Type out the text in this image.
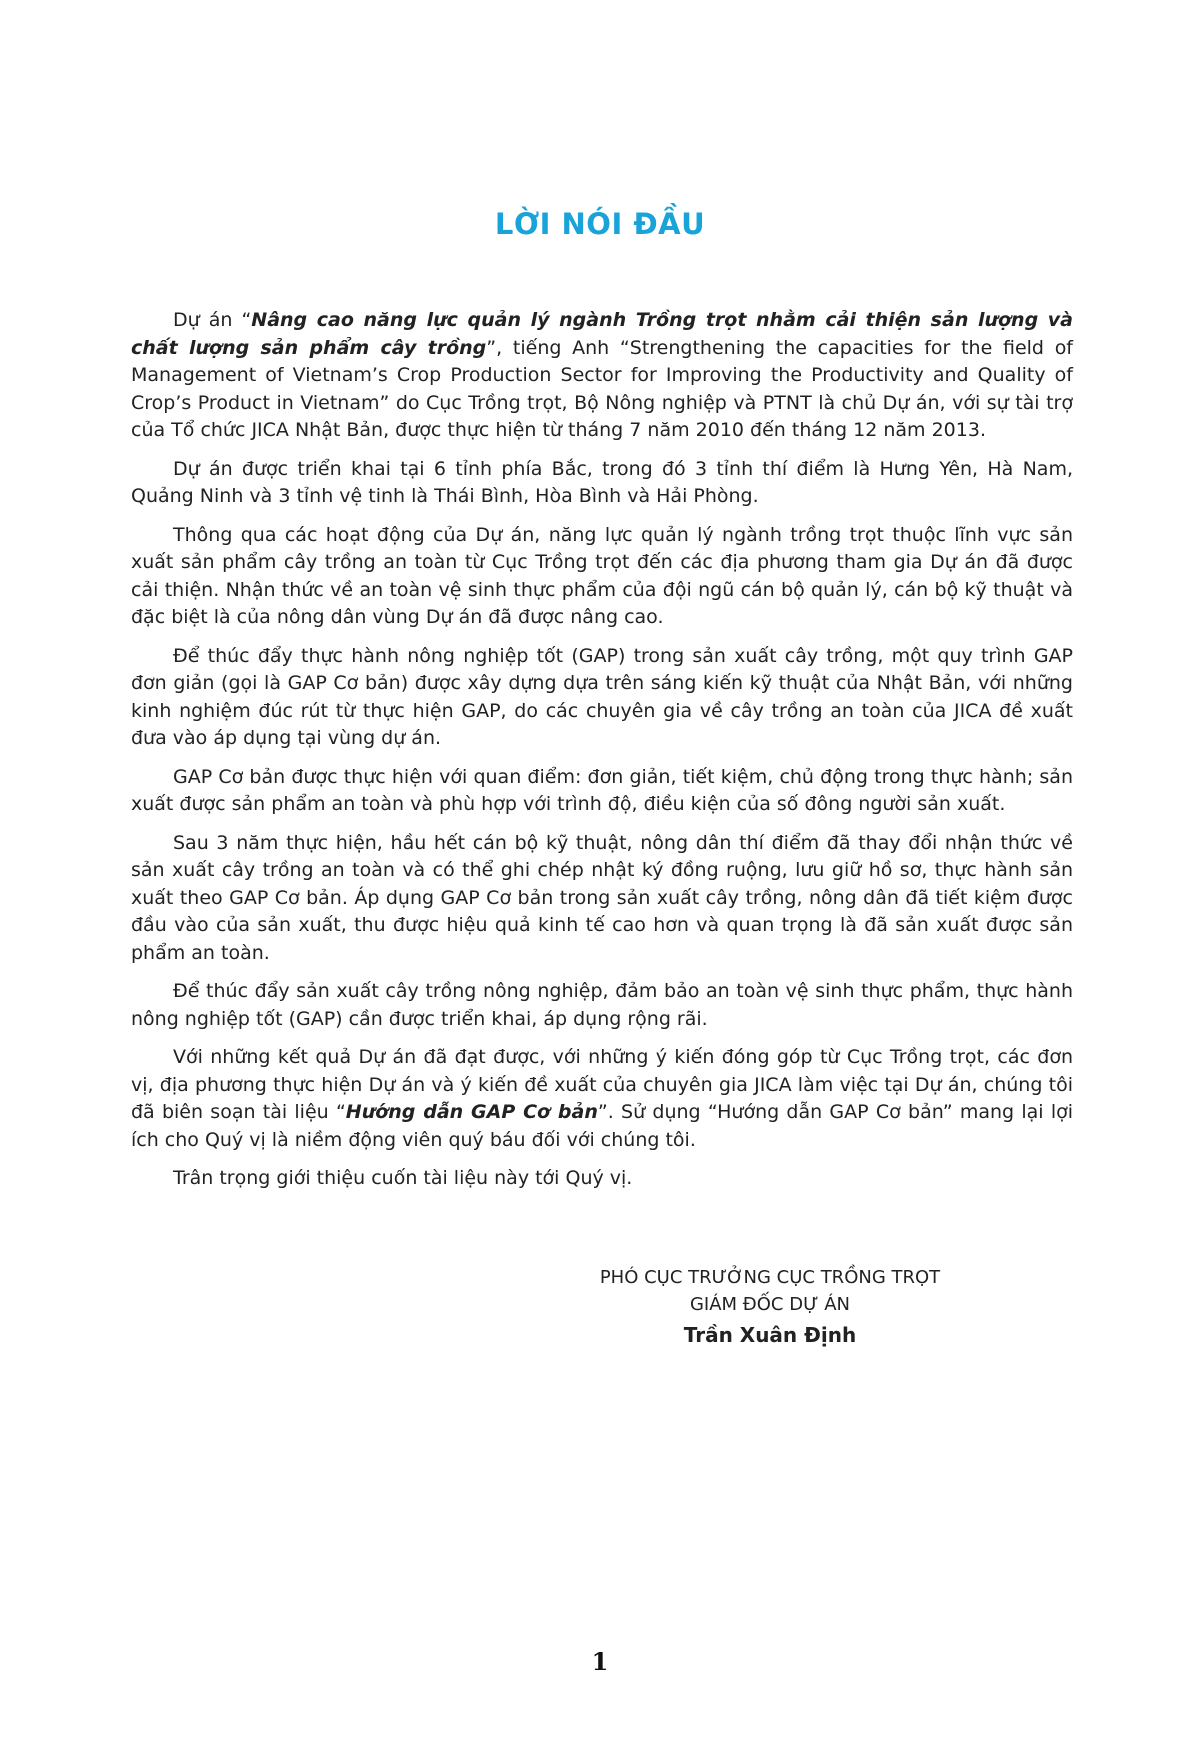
LỜI NÓI ĐẦU

Dự án “Nâng cao năng lực quản lý ngành Trồng trọt nhằm cải thiện sản lượng và chất lượng sản phẩm cây trồng”, tiếng Anh “Strengthening the capacities for the field of Management of Vietnam’s Crop Production Sector for Improving the Productivity and Quality of Crop’s Product in Vietnam” do Cục Trồng trọt, Bộ Nông nghiệp và PTNT là chủ Dự án, với sự tài trợ của Tổ chức JICA Nhật Bản, được thực hiện từ tháng 7 năm 2010 đến tháng 12 năm 2013.

Dự án được triển khai tại 6 tỉnh phía Bắc, trong đó 3 tỉnh thí điểm là Hưng Yên, Hà Nam, Quảng Ninh và 3 tỉnh vệ tinh là Thái Bình, Hòa Bình và Hải Phòng.

Thông qua các hoạt động của Dự án, năng lực quản lý ngành trồng trọt thuộc lĩnh vực sản xuất sản phẩm cây trồng an toàn từ Cục Trồng trọt đến các địa phương tham gia Dự án đã được cải thiện. Nhận thức về an toàn vệ sinh thực phẩm của đội ngũ cán bộ quản lý, cán bộ kỹ thuật và đặc biệt là của nông dân vùng Dự án đã được nâng cao.

Để thúc đẩy thực hành nông nghiệp tốt (GAP) trong sản xuất cây trồng, một quy trình GAP đơn giản (gọi là GAP Cơ bản) được xây dựng dựa trên sáng kiến kỹ thuật của Nhật Bản, với những kinh nghiệm đúc rút từ thực hiện GAP, do các chuyên gia về cây trồng an toàn của JICA đề xuất đưa vào áp dụng tại vùng dự án.

GAP Cơ bản được thực hiện với quan điểm: đơn giản, tiết kiệm, chủ động trong thực hành; sản xuất được sản phẩm an toàn và phù hợp với trình độ, điều kiện của số đông người sản xuất.

Sau 3 năm thực hiện, hầu hết cán bộ kỹ thuật, nông dân thí điểm đã thay đổi nhận thức về sản xuất cây trồng an toàn và có thể ghi chép nhật ký đồng ruộng, lưu giữ hồ sơ, thực hành sản xuất theo GAP Cơ bản. Áp dụng GAP Cơ bản trong sản xuất cây trồng, nông dân đã tiết kiệm được đầu vào của sản xuất, thu được hiệu quả kinh tế cao hơn và quan trọng là đã sản xuất được sản phẩm an toàn.

Để thúc đẩy sản xuất cây trồng nông nghiệp, đảm bảo an toàn vệ sinh thực phẩm, thực hành nông nghiệp tốt (GAP) cần được triển khai, áp dụng rộng rãi.

Với những kết quả Dự án đã đạt được, với những ý kiến đóng góp từ Cục Trồng trọt, các đơn vị, địa phương thực hiện Dự án và ý kiến đề xuất của chuyên gia JICA làm việc tại Dự án, chúng tôi đã biên soạn tài liệu “Hướng dẫn GAP Cơ bản”. Sử dụng “Hướng dẫn GAP Cơ bản” mang lại lợi ích cho Quý vị là niềm động viên quý báu đối với chúng tôi.

Trân trọng giới thiệu cuốn tài liệu này tới Quý vị.

PHÓ CỤC TRƯỞNG CỤC TRỒNG TRỌT
GIÁM ĐỐC DỰ ÁN
Trần Xuân Định
1
